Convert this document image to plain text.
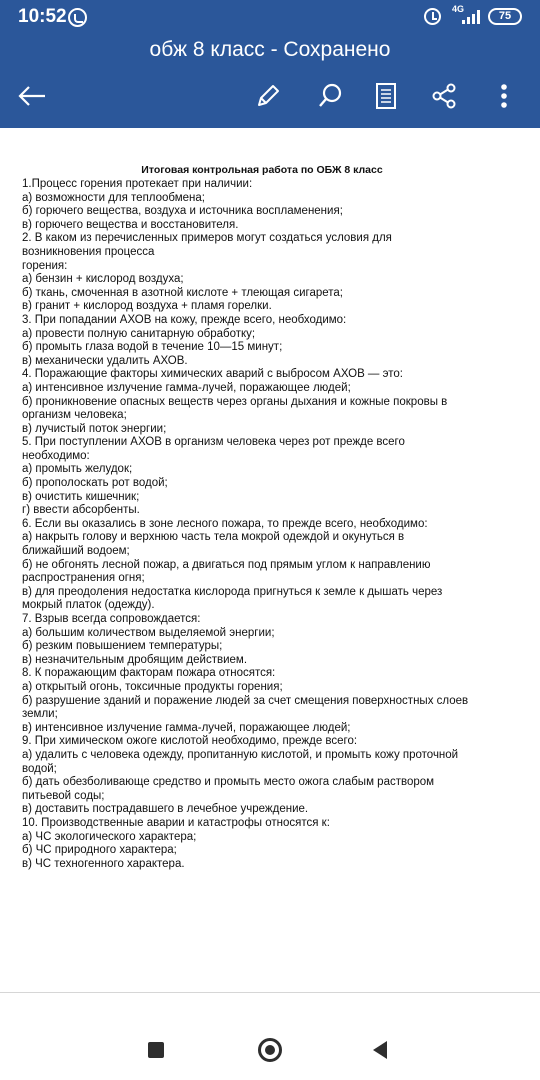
10:52	4G
75
обж 8 класс - Сохранено
Итоговая контрольная работа по ОБЖ 8 класс
1.Процесс горения протекает при наличии:
а) возможности для теплообмена;
б) горючего вещества, воздуха и источника воспламенения;
в) горючего вещества и восстановителя.
2. В каком из перечисленных примеров могут создаться условия для
возникновения процесса
горения:
а) бензин + кислород воздуха;
б) ткань, смоченная в азотной кислоте + тлеющая сигарета;
в) гранит + кислород воздуха + пламя горелки.
3. При попадании АХОВ на кожу, прежде всего, необходимо:
а) провести полную санитарную обработку;
б) промыть глаза водой в течение 10—15 минут;
в) механически удалить АХОВ.
4. Поражающие факторы химических аварий с выбросом АХОВ — это:
а) интенсивное излучение гамма-лучей, поражающее людей;
б) проникновение опасных веществ через органы дыхания и кожные покровы в
организм человека;
в) лучистый поток энергии;
5. При поступлении АХОВ в организм человека через рот прежде всего
необходимо:
а) промыть желудок;
б) прополоскать рот водой;
в) очистить кишечник;
г) ввести абсорбенты.
6. Если вы оказались в зоне лесного пожара, то прежде всего, необходимо:
а) накрыть голову и верхнюю часть тела мокрой одеждой и окунуться в
ближайший водоем;
б) не обгонять лесной пожар, а двигаться под прямым углом к направлению
распространения огня;
в) для преодоления недостатка кислорода пригнуться к земле к дышать через
мокрый платок (одежду).
7. Взрыв всегда сопровождается:
а) большим количеством выделяемой энергии;
б) резким повышением температуры;
в) незначительным дробящим действием.
8. К поражающим факторам пожара относятся:
а) открытый огонь, токсичные продукты горения;
б) разрушение зданий и поражение людей за счет смещения поверхностных слоев
земли;
в) интенсивное излучение гамма-лучей, поражающее людей;
9. При химическом ожоге кислотой необходимо, прежде всего:
а) удалить с человека одежду, пропитанную кислотой, и промыть кожу проточной
водой;
б) дать обезболивающе средство и промыть место ожога слабым раствором
питьевой соды;
в) доставить пострадавшего в лечебное учреждение.
10. Производственные аварии и катастрофы относятся к:
а) ЧС экологического характера;
б) ЧС природного характера;
в) ЧС техногенного характера.
